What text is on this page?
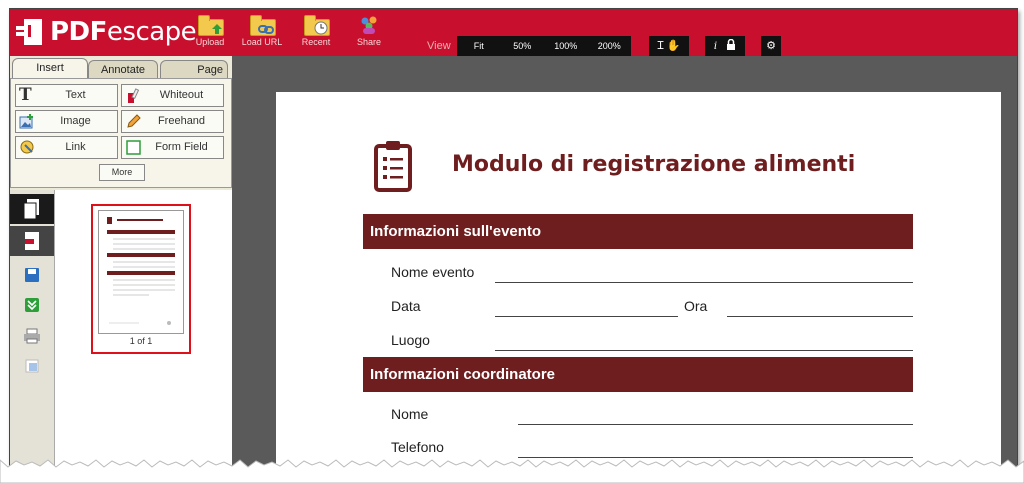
PDFescape Upload	Load URL	Recent	Share	View	Fit	50%	100%	200%	Ɪ ✋	i	⚙
Insert	Annotate	Page
T	Text	Whiteout
Image	Freehand
Link	Form Field
More
1 of 1
Modulo di registrazione alimenti
Informazioni sull'evento
Nome evento
Data	Ora
Luogo
Informazioni coordinatore
Nome
Telefono
